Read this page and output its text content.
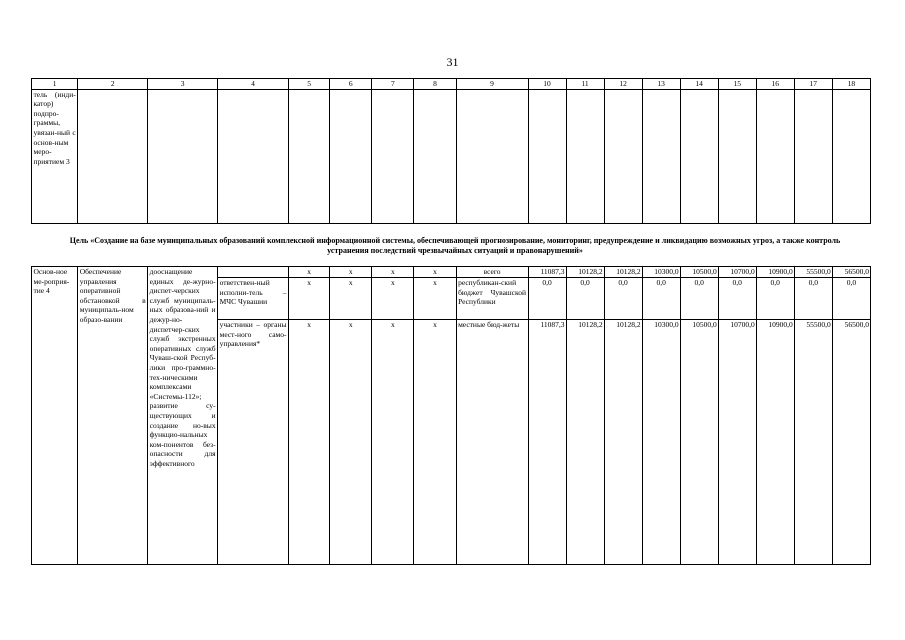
31
1	2	3	4	5	6	7	8	9	10	11	12	13	14	15	16	17	18
тель (инди-катор) подпро-граммы, увязан-ный с основ-ным меро-приятием 3																	
Цель «Создание на базе муниципальных образований комплексной информационной системы, обеспечивающей прогнозирование, мониторинг, предупреждение и ликвидацию возможных угроз, а также контроль устранения последствий чрезвычайных ситуаций и правонарушений»
Основ-ное ме-роприя-тие 4	Обеспечение управления оперативной обстановкой в муниципаль-ном образо-вании	дооснащение единых де-журно-диспет-черских служб муниципаль-ных образова-ний и дежур-но-диспетчер-ских служб экстренных оперативных служб Чуваш-ской Респуб-лики про-граммно-тех-ническими комплексами «Системы-112»; развитие су-ществующих и создание но-вых функцио-нальных ком-понентов без-опасности для эффективного		x	x	x	x	всего	11087,3	10128,2	10128,2	10300,0	10500,0	10700,0	10900,0	55500,0	56500,0
			ответствен-ный исполни-тель – МЧС Чувашии	x	x	x	x	республикан-ский бюджет Чувашской Республики	0,0	0,0	0,0	0,0	0,0	0,0	0,0	0,0	0,0
			участники – органы мест-ного само-управления*	x	x	x	x	местные бюд-жеты	11087,3	10128,2	10128,2	10300,0	10500,0	10700,0	10900,0	55500,0	56500,0
